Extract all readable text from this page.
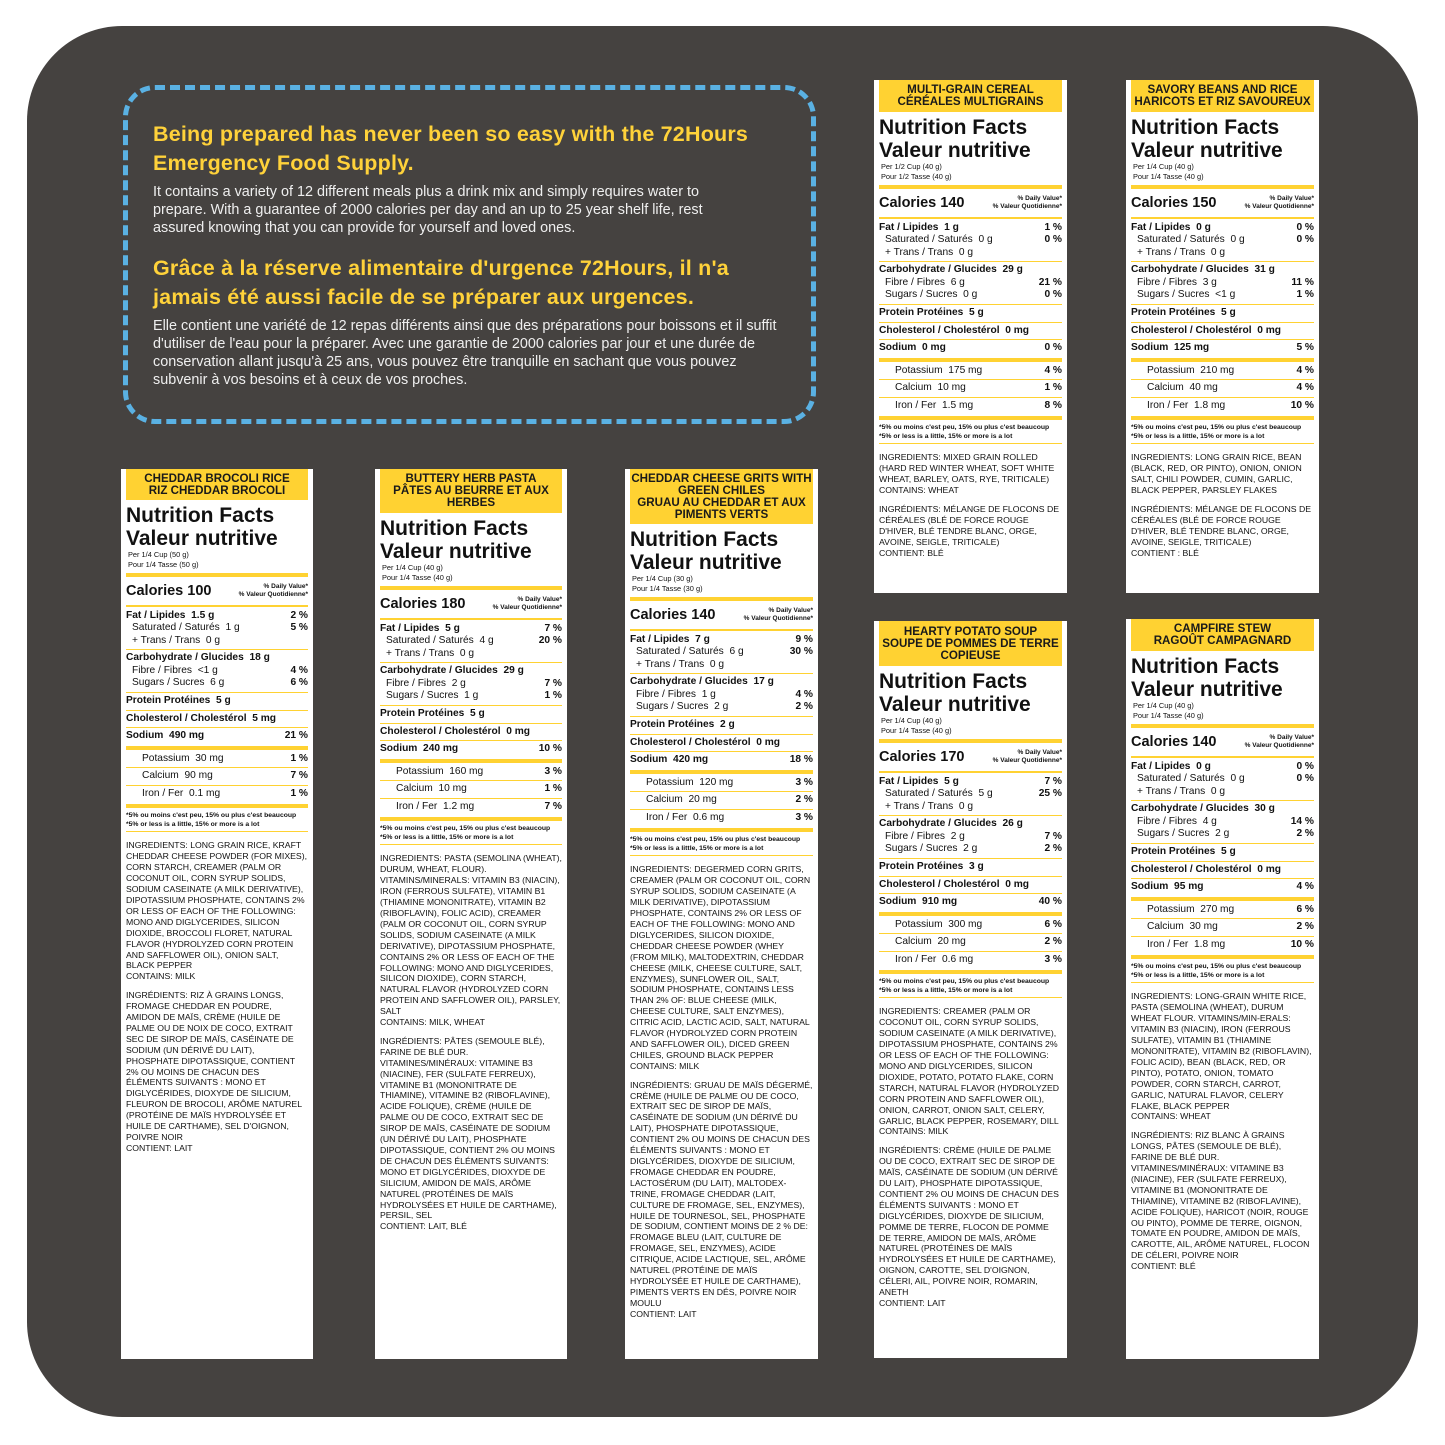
Being prepared has never been so easy with the 72Hours Emergency Food Supply.

It contains a variety of 12 different meals plus a drink mix and simply requires water to prepare. With a guarantee of 2000 calories per day and an up to 25 year shelf life, rest assured knowing that you can provide for yourself and loved ones.

Grâce à la réserve alimentaire d'urgence 72Hours, il n'a jamais été aussi facile de se préparer aux urgences.

Elle contient une variété de 12 repas différents ainsi que des préparations pour boissons et il suffit d'utiliser de l'eau pour la préparer. Avec une garantie de 2000 calories par jour et une durée de conservation allant jusqu'à 25 ans, vous pouvez être tranquille en sachant que vous pouvez subvenir à vos besoins et à ceux de vos proches.

CHEDDAR BROCOLI RICE
RIZ CHEDDAR BROCOLI
Nutrition Facts
Valeur nutritive
Per 1/4 Cup (50 g)
Pour 1/4 Tasse (50 g)
Calories 100	% Daily Value*
% Valeur Quotidienne*
Fat / Lipides 1.5 g	2 %
Saturated / Saturés 1 g	5 %
+ Trans / Trans 0 g
Carbohydrate / Glucides 18 g
Fibre / Fibres <1 g	4 %
Sugars / Sucres 6 g	6 %
Protein Protéines 5 g
Cholesterol / Cholestérol 5 mg
Sodium 490 mg	21 %
Potassium 30 mg	1 %
Calcium 90 mg	7 %
Iron / Fer 0.1 mg	1 %
*5% ou moins c'est peu, 15% ou plus c'est beaucoup
*5% or less is a little, 15% or more is a lot
INGREDIENTS: LONG GRAIN RICE, KRAFT CHEDDAR CHEESE POWDER (FOR MIXES), CORN STARCH, CREAMER (PALM OR COCONUT OIL, CORN SYRUP SOLIDS, SODIUM CASEINATE (A MILK DERIVATIVE), DIPOTASSIUM PHOSPHATE, CONTAINS 2% OR LESS OF EACH OF THE FOLLOWING: MONO AND DIGLYCERIDES, SILICON DIOXIDE, BROCCOLI FLORET, NATURAL FLAVOR (HYDROLYZED CORN PROTEIN AND SAFFLOWER OIL), ONION SALT, BLACK PEPPER
CONTAINS: MILK
INGRÉDIENTS: RIZ À GRAINS LONGS, FROMAGE CHEDDAR EN POUDRE, AMIDON DE MAÏS, CRÈME (HUILE DE PALME OU DE NOIX DE COCO, EXTRAIT SEC DE SIROP DE MAÏS, CASÉINATE DE SODIUM (UN DÉRIVÉ DU LAIT), PHOSPHATE DIPOTASSIQUE, CONTIENT 2% OU MOINS DE CHACUN DES ÉLÉMENTS SUIVANTS : MONO ET DIGLYCÉRIDES, DIOXYDE DE SILICIUM, FLEURON DE BROCOLI, ARÔME NATUREL (PROTÉINE DE MAÏS HYDROLYSÉE ET HUILE DE CARTHAME), SEL D'OIGNON, POIVRE NOIR
CONTIENT: LAIT
BUTTERY HERB PASTA
PÂTES AU BEURRE ET AUX HERBES
Nutrition Facts
Valeur nutritive
Per 1/4 Cup (40 g)
Pour 1/4 Tasse (40 g)
Calories 180	% Daily Value*
% Valeur Quotidienne*
Fat / Lipides 5 g	7 %
Saturated / Saturés 4 g	20 %
+ Trans / Trans 0 g
Carbohydrate / Glucides 29 g
Fibre / Fibres 2 g	7 %
Sugars / Sucres 1 g	1 %
Protein Protéines 5 g
Cholesterol / Cholestérol 0 mg
Sodium 240 mg	10 %
Potassium 160 mg	3 %
Calcium 10 mg	1 %
Iron / Fer 1.2 mg	7 %
*5% ou moins c'est peu, 15% ou plus c'est beaucoup
*5% or less is a little, 15% or more is a lot
INGREDIENTS: PASTA (SEMOLINA (WHEAT), DURUM, WHEAT, FLOUR). VITAMINS/MINERALS: VITAMIN B3 (NIACIN), IRON (FERROUS SULFATE), VITAMIN B1 (THIAMINE MONONITRATE), VITAMIN B2 (RIBOFLAVIN), FOLIC ACID), CREAMER (PALM OR COCONUT OIL, CORN SYRUP SOLIDS, SODIUM CASEINATE (A MILK DERIVATIVE), DIPOTASSIUM PHOSPHATE, CONTAINS 2% OR LESS OF EACH OF THE FOLLOWING: MONO AND DIGLYCERIDES, SILICON DIOXIDE), CORN STARCH, NATURAL FLAVOR (HYDROLYZED CORN PROTEIN AND SAFFLOWER OIL), PARSLEY, SALT
CONTAINS: MILK, WHEAT
INGRÉDIENTS: PÂTES (SEMOULE BLÉ), FARINE DE BLÉ DUR. VITAMINES/MINÉRAUX: VITAMINE B3 (NIACINE), FER (SULFATE FERREUX), VITAMINE B1 (MONONITRATE DE THIAMINE), VITAMINE B2 (RIBOFLAVINE), ACIDE FOLIQUE), CRÈME (HUILE DE PALME OU DE COCO, EXTRAIT SEC DE SIROP DE MAÏS, CASÉINATE DE SODIUM (UN DÉRIVÉ DU LAIT), PHOSPHATE DIPOTASSIQUE, CONTIENT 2% OU MOINS DE CHACUN DES ÉLÉMENTS SUIVANTS: MONO ET DIGLYCÉRIDES, DIOXYDE DE SILICIUM, AMIDON DE MAÏS, ARÔME NATUREL (PROTÉINES DE MAÏS HYDROLYSÉES ET HUILE DE CARTHAME), PERSIL, SEL
CONTIENT: LAIT, BLÉ
CHEDDAR CHEESE GRITS WITH GREEN CHILES
GRUAU AU CHEDDAR ET AUX PIMENTS VERTS
Nutrition Facts
Valeur nutritive
Per 1/4 Cup (30 g)
Pour 1/4 Tasse (30 g)
Calories 140	% Daily Value*
% Valeur Quotidienne*
Fat / Lipides 7 g	9 %
Saturated / Saturés 6 g	30 %
+ Trans / Trans 0 g
Carbohydrate / Glucides 17 g
Fibre / Fibres 1 g	4 %
Sugars / Sucres 2 g	2 %
Protein Protéines 2 g
Cholesterol / Cholestérol 0 mg
Sodium 420 mg	18 %
Potassium 120 mg	3 %
Calcium 20 mg	2 %
Iron / Fer 0.6 mg	3 %
*5% ou moins c'est peu, 15% ou plus c'est beaucoup
*5% or less is a little, 15% or more is a lot
INGREDIENTS: DEGERMED CORN GRITS, CREAMER (PALM OR COCONUT OIL, CORN SYRUP SOLIDS, SODIUM CASEINATE (A MILK DERIVATIVE), DIPOTASSIUM PHOSPHATE, CONTAINS 2% OR LESS OF EACH OF THE FOLLOWING: MONO AND DIGLYCERIDES, SILICON DIOXIDE, CHEDDAR CHEESE POWDER (WHEY (FROM MILK), MALTODEXTRIN, CHEDDAR CHEESE (MILK, CHEESE CULTURE, SALT, ENZYMES), SUNFLOWER OIL, SALT, SODIUM PHOSPHATE, CONTAINS LESS THAN 2% OF: BLUE CHEESE (MILK, CHEESE CULTURE, SALT ENZYMES), CITRIC ACID, LACTIC ACID, SALT, NATURAL FLAVOR (HYDROLYZED CORN PROTEIN AND SAFFLOWER OIL), DICED GREEN CHILES, GROUND BLACK PEPPER
CONTAINS: MILK
INGRÉDIENTS: GRUAU DE MAÏS DÉGERMÉ, CRÈME (HUILE DE PALME OU DE COCO, EXTRAIT SEC DE SIROP DE MAÏS, CASÉINATE DE SODIUM (UN DÉRIVÉ DU LAIT), PHOSPHATE DIPOTASSIQUE, CONTIENT 2% OU MOINS DE CHACUN DES ÉLÉMENTS SUIVANTS : MONO ET DIGLYCÉRIDES, DIOXYDE DE SILICIUM, FROMAGE CHEDDAR EN POUDRE, LACTOSÉRUM (DU LAIT), MALTODEX-TRINE, FROMAGE CHEDDAR (LAIT, CULTURE DE FROMAGE, SEL, ENZYMES), HUILE DE TOURNESOL, SEL, PHOSPHATE DE SODIUM, CONTIENT MOINS DE 2 % DE: FROMAGE BLEU (LAIT, CULTURE DE FROMAGE, SEL, ENZYMES), ACIDE CITRIQUE, ACIDE LACTIQUE, SEL, ARÔME NATUREL (PROTÉINE DE MAÏS HYDROLYSÉE ET HUILE DE CARTHAME), PIMENTS VERTS EN DÉS, POIVRE NOIR MOULU
CONTIENT: LAIT
MULTI-GRAIN CEREAL
CÉRÉALES MULTIGRAINS
Nutrition Facts
Valeur nutritive
Per 1/2 Cup (40 g)
Pour 1/2 Tasse (40 g)
Calories 140	% Daily Value*
% Valeur Quotidienne*
Fat / Lipides 1 g	1 %
Saturated / Saturés 0 g	0 %
+ Trans / Trans 0 g
Carbohydrate / Glucides 29 g
Fibre / Fibres 6 g	21 %
Sugars / Sucres 0 g	0 %
Protein Protéines 5 g
Cholesterol / Cholestérol 0 mg
Sodium 0 mg	0 %
Potassium 175 mg	4 %
Calcium 10 mg	1 %
Iron / Fer 1.5 mg	8 %
*5% ou moins c'est peu, 15% ou plus c'est beaucoup
*5% or less is a little, 15% or more is a lot
INGREDIENTS: MIXED GRAIN ROLLED (HARD RED WINTER WHEAT, SOFT WHITE WHEAT, BARLEY, OATS, RYE, TRITICALE)
CONTAINS: WHEAT
INGRÉDIENTS: MÉLANGE DE FLOCONS DE CÉRÉALES (BLÉ DE FORCE ROUGE D'HIVER, BLÉ TENDRE BLANC, ORGE, AVOINE, SEIGLE, TRITICALE)
CONTIENT: BLÉ
SAVORY BEANS AND RICE
HARICOTS ET RIZ SAVOUREUX
Nutrition Facts
Valeur nutritive
Per 1/4 Cup (40 g)
Pour 1/4 Tasse (40 g)
Calories 150	% Daily Value*
% Valeur Quotidienne*
Fat / Lipides 0 g	0 %
Saturated / Saturés 0 g	0 %
+ Trans / Trans 0 g
Carbohydrate / Glucides 31 g
Fibre / Fibres 3 g	11 %
Sugars / Sucres <1 g	1 %
Protein Protéines 5 g
Cholesterol / Cholestérol 0 mg
Sodium 125 mg	5 %
Potassium 210 mg	4 %
Calcium 40 mg	4 %
Iron / Fer 1.8 mg	10 %
*5% ou moins c'est peu, 15% ou plus c'est beaucoup
*5% or less is a little, 15% or more is a lot
INGREDIENTS: LONG GRAIN RICE, BEAN (BLACK, RED, OR PINTO), ONION, ONION SALT, CHILI POWDER, CUMIN, GARLIC, BLACK PEPPER, PARSLEY FLAKES
INGRÉDIENTS: MÉLANGE DE FLOCONS DE CÉRÉALES (BLÉ DE FORCE ROUGE D'HIVER, BLÉ TENDRE BLANC, ORGE, AVOINE, SEIGLE, TRITICALE)
CONTIENT : BLÉ
HEARTY POTATO SOUP
SOUPE DE POMMES DE TERRE COPIEUSE
Nutrition Facts
Valeur nutritive
Per 1/4 Cup (40 g)
Pour 1/4 Tasse (40 g)
Calories 170	% Daily Value*
% Valeur Quotidienne*
Fat / Lipides 5 g	7 %
Saturated / Saturés 5 g	25 %
+ Trans / Trans 0 g
Carbohydrate / Glucides 26 g
Fibre / Fibres 2 g	7 %
Sugars / Sucres 2 g	2 %
Protein Protéines 3 g
Cholesterol / Cholestérol 0 mg
Sodium 910 mg	40 %
Potassium 300 mg	6 %
Calcium 20 mg	2 %
Iron / Fer 0.6 mg	3 %
*5% ou moins c'est peu, 15% ou plus c'est beaucoup
*5% or less is a little, 15% or more is a lot
INGREDIENTS: CREAMER (PALM OR COCONUT OIL, CORN SYRUP SOLIDS, SODIUM CASEINATE (A MILK DERIVATIVE), DIPOTASSIUM PHOSPHATE, CONTAINS 2% OR LESS OF EACH OF THE FOLLOWING: MONO AND DIGLYCERIDES, SILICON DIOXIDE, POTATO, POTATO FLAKE, CORN STARCH, NATURAL FLAVOR (HYDROLYZED CORN PROTEIN AND SAFFLOWER OIL), ONION, CARROT, ONION SALT, CELERY, GARLIC, BLACK PEPPER, ROSEMARY, DILL
CONTAINS: MILK
INGRÉDIENTS: CRÈME (HUILE DE PALME OU DE COCO, EXTRAIT SEC DE SIROP DE MAÏS, CASÉINATE DE SODIUM (UN DÉRIVÉ DU LAIT), PHOSPHATE DIPOTASSIQUE, CONTIENT 2% OU MOINS DE CHACUN DES ÉLÉMENTS SUIVANTS : MONO ET DIGLYCÉRIDES, DIOXYDE DE SILICIUM, POMME DE TERRE, FLOCON DE POMME DE TERRE, AMIDON DE MAÏS, ARÔME NATUREL (PROTÉINES DE MAÏS HYDROLYSÉES ET HUILE DE CARTHAME), OIGNON, CAROTTE, SEL D'OIGNON, CÉLERI, AIL, POIVRE NOIR, ROMARIN, ANETH
CONTIENT: LAIT
CAMPFIRE STEW
RAGOÛT CAMPAGNARD
Nutrition Facts
Valeur nutritive
Per 1/4 Cup (40 g)
Pour 1/4 Tasse (40 g)
Calories 140	% Daily Value*
% Valeur Quotidienne*
Fat / Lipides 0 g	0 %
Saturated / Saturés 0 g	0 %
+ Trans / Trans 0 g
Carbohydrate / Glucides 30 g
Fibre / Fibres 4 g	14 %
Sugars / Sucres 2 g	2 %
Protein Protéines 5 g
Cholesterol / Cholestérol 0 mg
Sodium 95 mg	4 %
Potassium 270 mg	6 %
Calcium 30 mg	2 %
Iron / Fer 1.8 mg	10 %
*5% ou moins c'est peu, 15% ou plus c'est beaucoup
*5% or less is a little, 15% or more is a lot
INGREDIENTS: LONG-GRAIN WHITE RICE, PASTA (SEMOLINA (WHEAT), DURUM WHEAT FLOUR. VITAMINS/MIN-ERALS: VITAMIN B3 (NIACIN), IRON (FERROUS SULFATE), VITAMIN B1 (THIAMINE MONONITRATE), VITAMIN B2 (RIBOFLAVIN), FOLIC ACID), BEAN (BLACK, RED, OR PINTO), POTATO, ONION, TOMATO POWDER, CORN STARCH, CARROT, GARLIC, NATURAL FLAVOR, CELERY FLAKE, BLACK PEPPER
CONTAINS: WHEAT
INGRÉDIENTS: RIZ BLANC À GRAINS LONGS, PÂTES (SEMOULE DE BLÉ), FARINE DE BLÉ DUR. VITAMINES/MINÉRAUX: VITAMINE B3 (NIACINE), FER (SULFATE FERREUX), VITAMINE B1 (MONONITRATE DE THIAMINE), VITAMINE B2 (RIBOFLAVINE), ACIDE FOLIQUE), HARICOT (NOIR, ROUGE OU PINTO), POMME DE TERRE, OIGNON, TOMATE EN POUDRE, AMIDON DE MAÏS, CAROTTE, AIL, ARÔME NATUREL, FLOCON DE CÉLERI, POIVRE NOIR
CONTIENT: BLÉ
